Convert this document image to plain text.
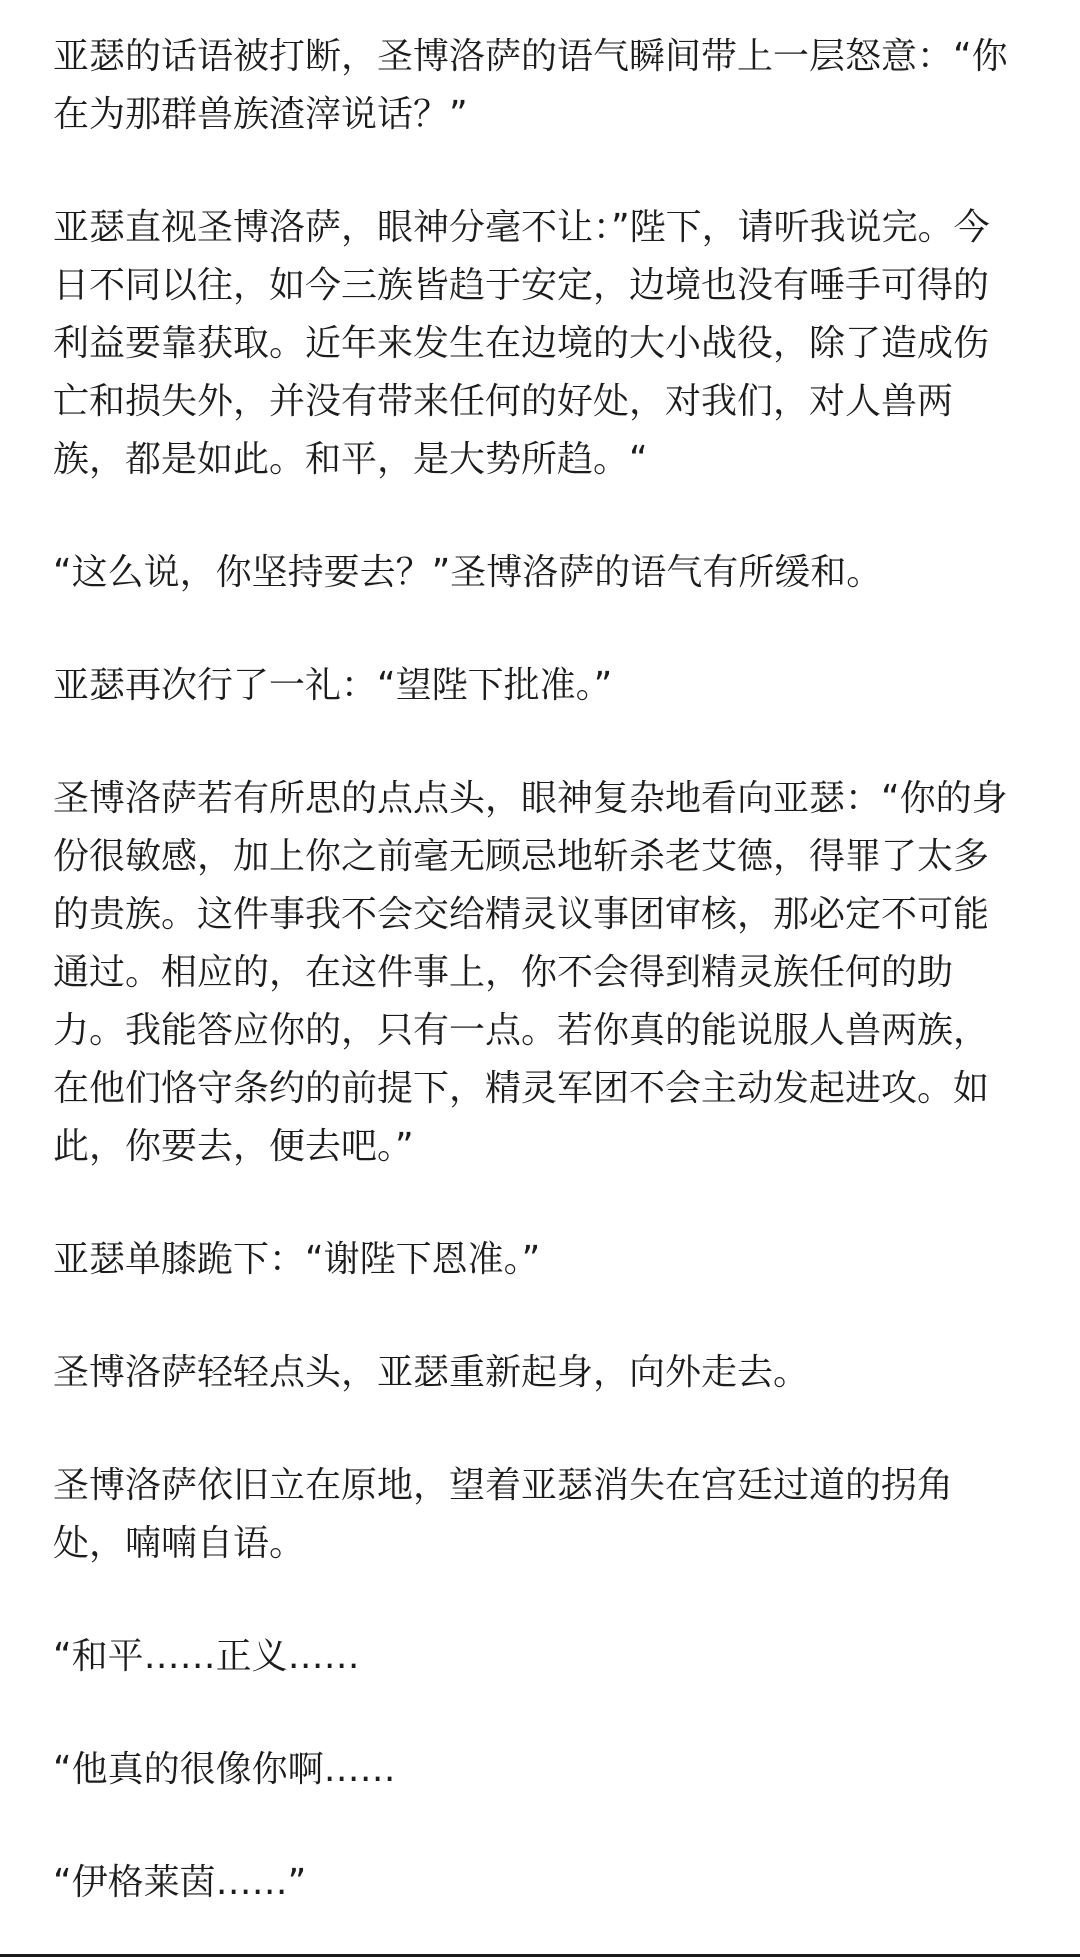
亚瑟的话语被打断，圣博洛萨的语气瞬间带上一层怒意：“你
在为那群兽族渣滓说话？”

亚瑟直视圣博洛萨，眼神分毫不让：”陛下，请听我说完。今
日不同以往，如今三族皆趋于安定，边境也没有唾手可得的
利益要靠获取。近年来发生在边境的大小战役，除了造成伤
亡和损失外，并没有带来任何的好处，对我们，对人兽两
族，都是如此。和平，是大势所趋。“

“这么说，你坚持要去？”圣博洛萨的语气有所缓和。

亚瑟再次行了一礼：“望陛下批准。”

圣博洛萨若有所思的点点头，眼神复杂地看向亚瑟：“你的身
份很敏感，加上你之前毫无顾忌地斩杀老艾德，得罪了太多
的贵族。这件事我不会交给精灵议事团审核，那必定不可能
通过。相应的，在这件事上，你不会得到精灵族任何的助
力。我能答应你的，只有一点。若你真的能说服人兽两族，
在他们恪守条约的前提下，精灵军团不会主动发起进攻。如
此，你要去，便去吧。”

亚瑟单膝跪下：“谢陛下恩准。”

圣博洛萨轻轻点头，亚瑟重新起身，向外走去。

圣博洛萨依旧立在原地，望着亚瑟消失在宫廷过道的拐角
处，喃喃自语。

“和平……正义……

“他真的很像你啊……

“伊格莱茵……”
